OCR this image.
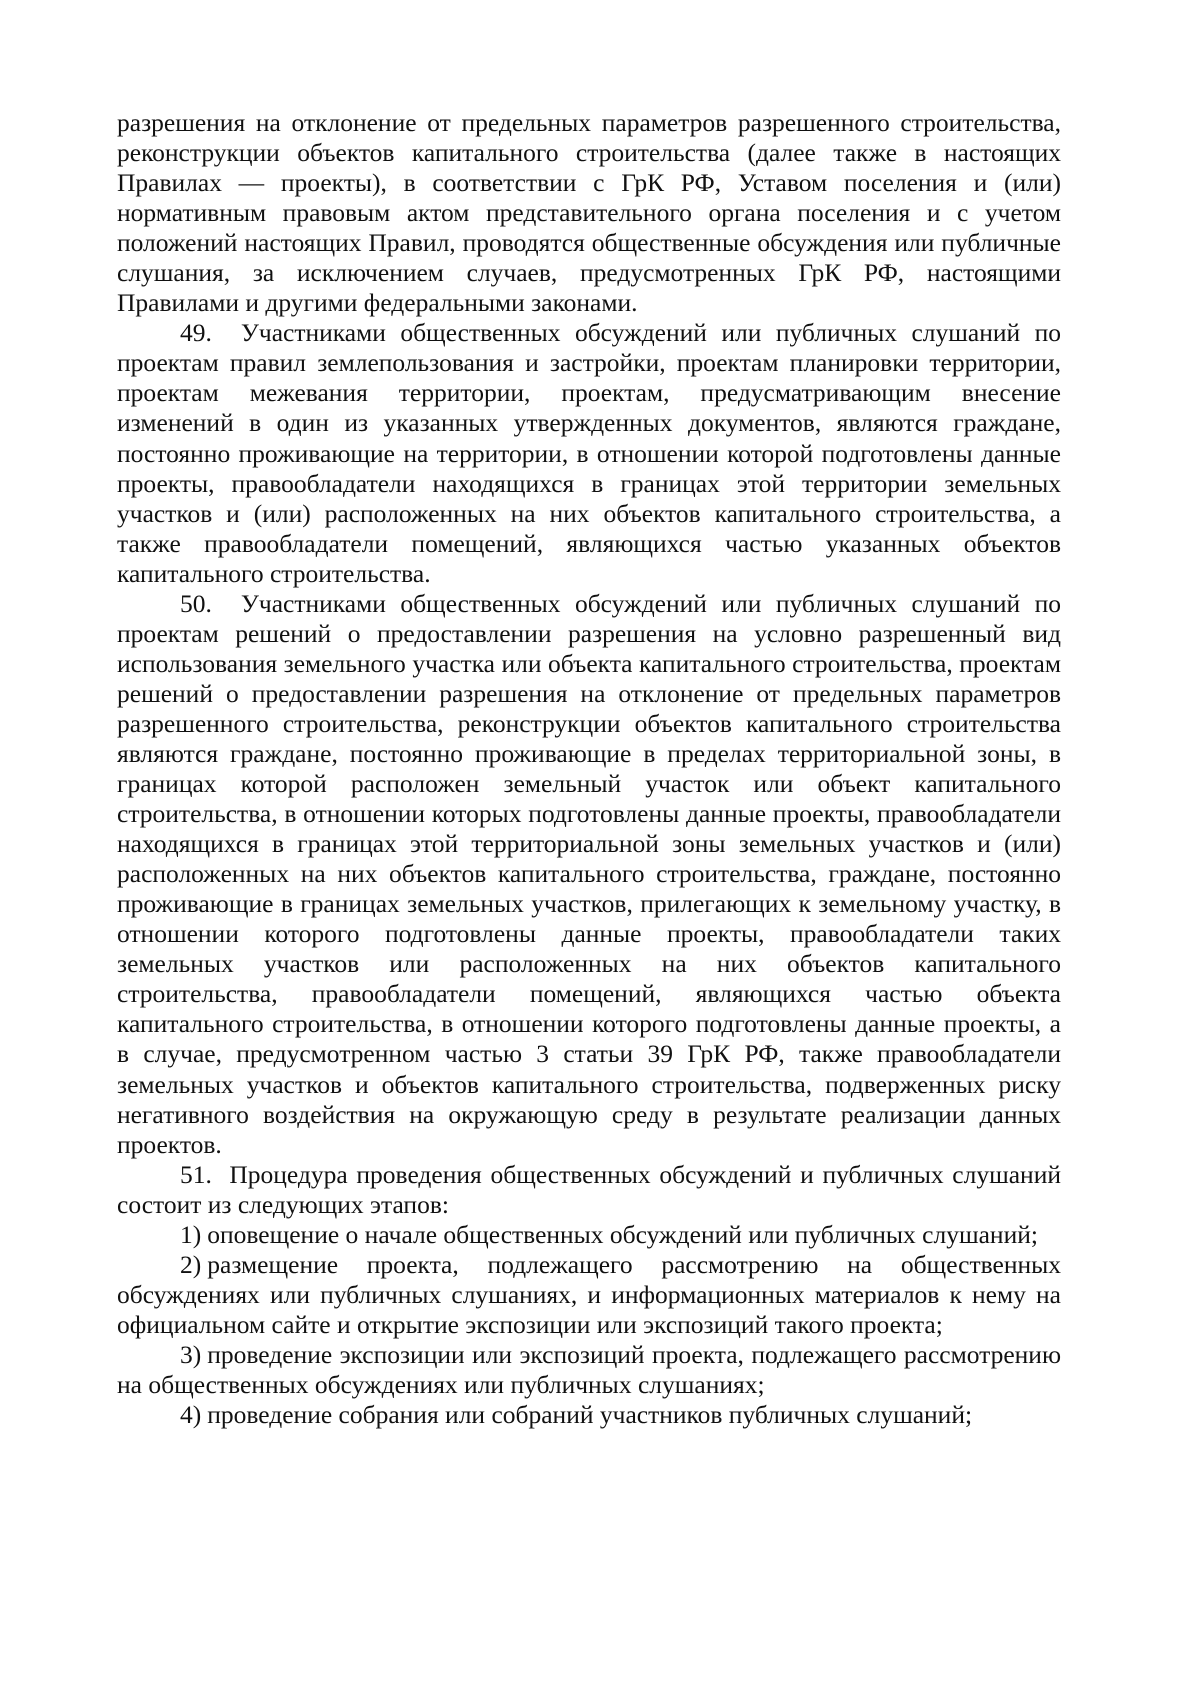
разрешения на отклонение от предельных параметров разрешенного строительства, реконструкции объектов капитального строительства (далее также в настоящих Правилах — проекты), в соответствии с ГрК РФ, Уставом поселения и (или) нормативным правовым актом представительного органа поселения и с учетом положений настоящих Правил, проводятся общественные обсуждения или публичные слушания, за исключением случаев, предусмотренных ГрК РФ, настоящими Правилами и другими федеральными законами.

49. Участниками общественных обсуждений или публичных слушаний по проектам правил землепользования и застройки, проектам планировки территории, проектам межевания территории, проектам, предусматривающим внесение изменений в один из указанных утвержденных документов, являются граждане, постоянно проживающие на территории, в отношении которой подготовлены данные проекты, правообладатели находящихся в границах этой территории земельных участков и (или) расположенных на них объектов капитального строительства, а также правообладатели помещений, являющихся частью указанных объектов капитального строительства.

50. Участниками общественных обсуждений или публичных слушаний по проектам решений о предоставлении разрешения на условно разрешенный вид использования земельного участка или объекта капитального строительства, проектам решений о предоставлении разрешения на отклонение от предельных параметров разрешенного строительства, реконструкции объектов капитального строительства являются граждане, постоянно проживающие в пределах территориальной зоны, в границах которой расположен земельный участок или объект капитального строительства, в отношении которых подготовлены данные проекты, правообладатели находящихся в границах этой территориальной зоны земельных участков и (или) расположенных на них объектов капитального строительства, граждане, постоянно проживающие в границах земельных участков, прилегающих к земельному участку, в отношении которого подготовлены данные проекты, правообладатели таких земельных участков или расположенных на них объектов капитального строительства, правообладатели помещений, являющихся частью объекта капитального строительства, в отношении которого подготовлены данные проекты, а в случае, предусмотренном частью 3 статьи 39 ГрК РФ, также правообладатели земельных участков и объектов капитального строительства, подверженных риску негативного воздействия на окружающую среду в результате реализации данных проектов.

51. Процедура проведения общественных обсуждений и публичных слушаний состоит из следующих этапов:

1) оповещение о начале общественных обсуждений или публичных слушаний;

2) размещение проекта, подлежащего рассмотрению на общественных обсуждениях или публичных слушаниях, и информационных материалов к нему на официальном сайте и открытие экспозиции или экспозиций такого проекта;

3) проведение экспозиции или экспозиций проекта, подлежащего рассмотрению на общественных обсуждениях или публичных слушаниях;

4) проведение собрания или собраний участников публичных слушаний;
